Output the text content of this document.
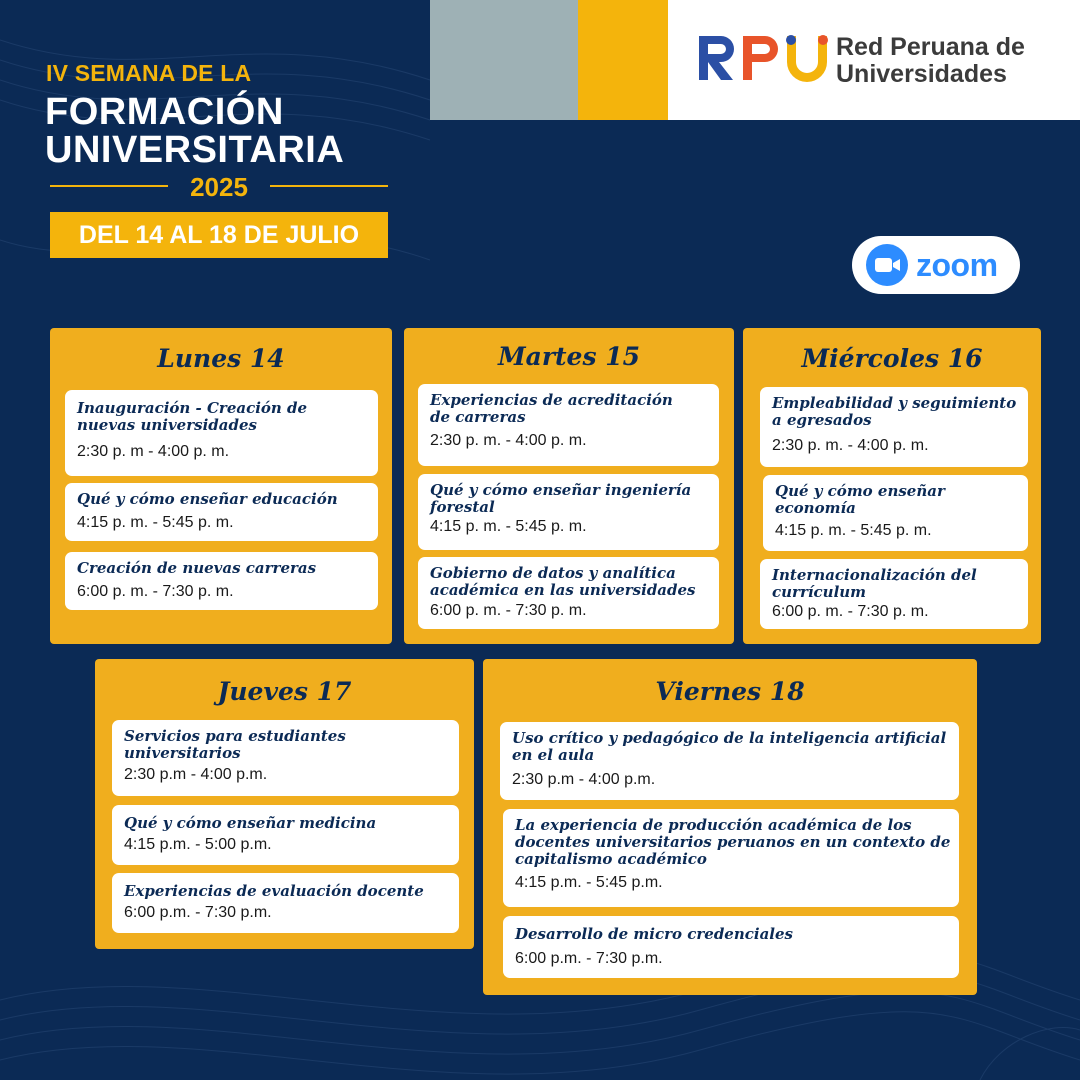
Red Peruana de
Universidades
IV SEMANA DE LA
FORMACIÓN
UNIVERSITARIA
2025
DEL 14 AL 18 DE JULIO
zoom
Lunes 14
Inauguración - Creación de
nuevas universidades
2:30 p. m - 4:00 p. m.
Qué y cómo enseñar educación
4:15 p. m. - 5:45 p. m.
Creación de nuevas carreras
6:00 p. m. - 7:30 p. m.
Martes 15
Experiencias de acreditación
de carreras
2:30 p. m. - 4:00 p. m.
Qué y cómo enseñar ingeniería
forestal
4:15 p. m. - 5:45 p. m.
Gobierno de datos y analítica
académica en las universidades
6:00 p. m. - 7:30 p. m.
Miércoles 16
Empleabilidad y seguimiento
a egresados
2:30 p. m. - 4:00 p. m.
Qué y cómo enseñar
economía
4:15 p. m. - 5:45 p. m.
Internacionalización del
currículum
6:00 p. m. - 7:30 p. m.
Jueves 17
Servicios para estudiantes
universitarios
2:30 p.m - 4:00 p.m.
Qué y cómo enseñar medicina
4:15 p.m. - 5:00 p.m.
Experiencias de evaluación docente
6:00 p.m. - 7:30 p.m.
Viernes 18
Uso crítico y pedagógico de la inteligencia artificial
en el aula
2:30 p.m - 4:00 p.m.
La experiencia de producción académica de los
docentes universitarios peruanos en un contexto de
capitalismo académico
4:15 p.m. - 5:45 p.m.
Desarrollo de micro credenciales
6:00 p.m. - 7:30 p.m.
